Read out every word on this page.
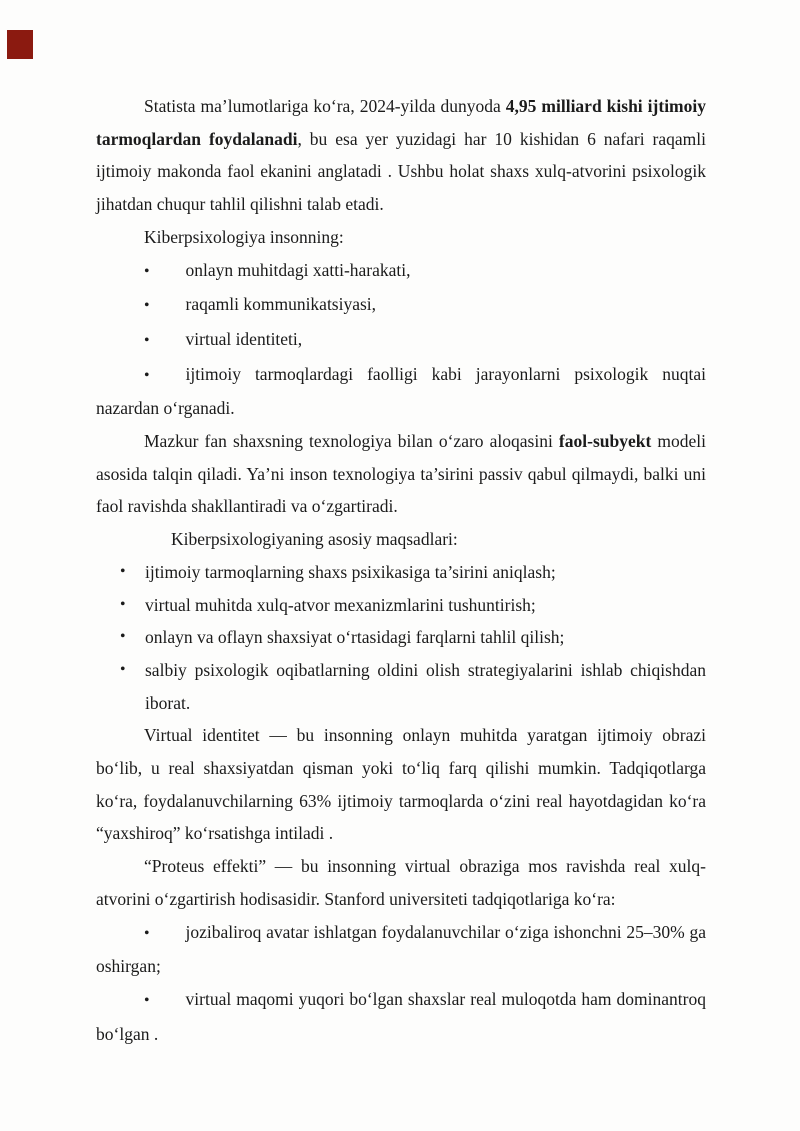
Statista ma’lumotlariga ko‘ra, 2024-yilda dunyoda 4,95 milliard kishi ijtimoiy tarmoqlardan foydalanadi, bu esa yer yuzidagi har 10 kishidan 6 nafari raqamli ijtimoiy makonda faol ekanini anglatadi . Ushbu holat shaxs xulq-atvorini psixologik jihatdan chuqur tahlil qilishni talab etadi.

Kiberpsixologiya insonning:

• onlayn muhitdagi xatti-harakati,
• raqamli kommunikatsiyasi,
• virtual identiteti,
• ijtimoiy tarmoqlardagi faolligi kabi jarayonlarni psixologik nuqtai nazardan o‘rganadi.

Mazkur fan shaxsning texnologiya bilan o‘zaro aloqasini faol-subyekt modeli asosida talqin qiladi. Ya’ni inson texnologiya ta’sirini passiv qabul qilmaydi, balki uni faol ravishda shakllantiradi va o‘zgartiradi.

Kiberpsixologiyaning asosiy maqsadlari:

• ijtimoiy tarmoqlarning shaxs psixikasiga ta’sirini aniqlash;
• virtual muhitda xulq-atvor mexanizmlarini tushuntirish;
• onlayn va oflayn shaxsiyat o‘rtasidagi farqlarni tahlil qilish;
• salbiy psixologik oqibatlarning oldini olish strategiyalarini ishlab chiqishdan iborat.

Virtual identitet — bu insonning onlayn muhitda yaratgan ijtimoiy obrazi bo‘lib, u real shaxsiyatdan qisman yoki to‘liq farq qilishi mumkin. Tadqiqotlarga ko‘ra, foydalanuvchilarning 63% ijtimoiy tarmoqlarda o‘zini real hayotdagidan ko‘ra “yaxshiroq” ko‘rsatishga intiladi .

“Proteus effekti” — bu insonning virtual obraziga mos ravishda real xulq-atvorini o‘zgartirish hodisasidir. Stanford universiteti tadqiqotlariga ko‘ra:

• jozibaliroq avatar ishlatgan foydalanuvchilar o‘ziga ishonchni 25–30% ga oshirgan;
• virtual maqomi yuqori bo‘lgan shaxslar real muloqotda ham dominantroq bo‘lgan .
